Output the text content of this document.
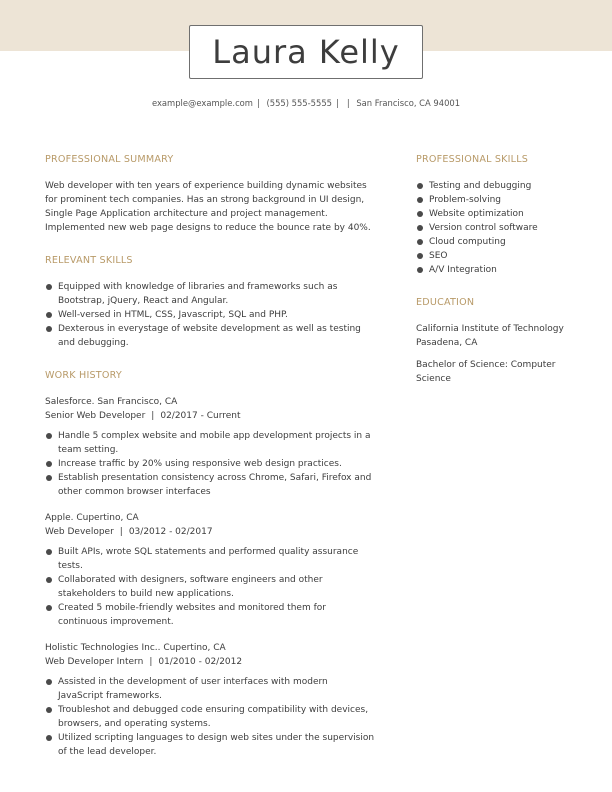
Laura Kelly
example@example.com | (555) 555-5555 | | San Francisco, CA 94001
PROFESSIONAL SUMMARY

Web developer with ten years of experience building dynamic websites for prominent tech companies. Has an strong background in UI design, Single Page Application architecture and project management. Implemented new web page designs to reduce the bounce rate by 40%.

RELEVANT SKILLS
Equipped with knowledge of libraries and frameworks such as Bootstrap, jQuery, React and Angular.
Well-versed in HTML, CSS, Javascript, SQL and PHP.
Dexterous in everystage of website development as well as testing and debugging.
WORK HISTORY
Salesforce. San Francisco, CA
Senior Web Developer | 02/2017 - Current
Handle 5 complex website and mobile app development projects in a team setting.
Increase traffic by 20% using responsive web design practices.
Establish presentation consistency across Chrome, Safari, Firefox and other common browser interfaces
Apple. Cupertino, CA
Web Developer | 03/2012 - 02/2017
Built APIs, wrote SQL statements and performed quality assurance tests.
Collaborated with designers, software engineers and other stakeholders to build new applications.
Created 5 mobile-friendly websites and monitored them for continuous improvement.
Holistic Technologies Inc.. Cupertino, CA
Web Developer Intern | 01/2010 - 02/2012
Assisted in the development of user interfaces with modern JavaScript frameworks.
Troubleshot and debugged code ensuring compatibility with devices, browsers, and operating systems.
Utilized scripting languages to design web sites under the supervision of the lead developer.
PROFESSIONAL SKILLS
Testing and debugging
Problem-solving
Website optimization
Version control software
Cloud computing
SEO
A/V Integration
EDUCATION
California Institute of Technology
Pasadena, CA
Bachelor of Science: Computer Science
